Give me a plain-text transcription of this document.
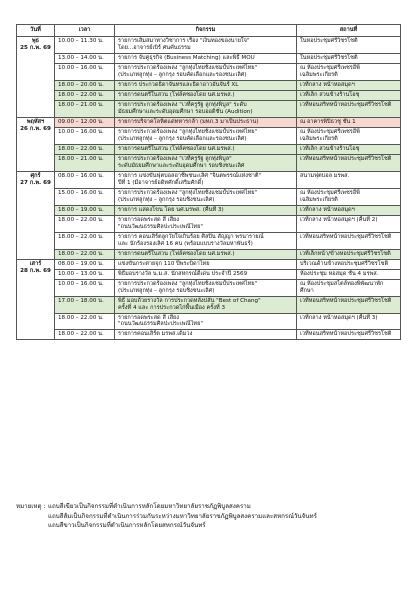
วันที่	เวลา	กิจกรรม	สถานที่
พุธ
25 ก.พ. 69	10.00 – 11.30 น.	รายการเสิมสมาทางวิชาการ เรื่อง "เงินทองของนายใจ"
โดย...อาจารย์เบิร์ ศนคันธรรม	ในหอประชุมศรีวิชรโชติ
	13.00 – 14.00 น.	รายการ จับคู่ธุรกิจ (Business Matching) และพิธี MOU	ในหอประชุมศรีวิชรโชติ
	10.00 – 16.00 น.	รายการประกวดร้องเพลง "ลูกทุ่งไทยชิงแชมป์ประเทศไทย"
(ประเภทลูกทุ่ง – ลูกกรุง รอบคัดเลือกและรองชนะเลิศ)	ณ ห้องประชุมศรีเพชรอีพีเฉลิมพระเกียรติ
	18.00 – 20.00 น.	รายการ ประกวดธิดาจันทรและธิดาอาวอันจันร์ XL	เวทีกลาง หน้าหอสมุดฯ
	18.00 – 22.00 น.	รายการดนตรีในสวน (โฟล์คซองโดย นศ.มรพส.)	เวทีเล็ก สวนข้างร้านโอชุ
	18.00 – 21.00 น.	รายการประกวดร้องเพลง "เวทีครูรัฐ ลูกทุ่งพิบูล" ระดับ
มัธยมศึกษาและระดับอุดมศึกษา รอบออดิชั่น (Audition)	เวทีหอนสริทหน้าหอประชุมศรีวิชรโชติ
พฤหัสฯ
26 ก.พ. 69	09.00 – 12.00 น.	รายการบริจาคโลหิตแด่ทหารกล้า (มทภ.3 มาเป็นประธาน)	ณ อาคารพิปิธวชู ชั้น 1
	10.00 – 16.00 น.	รายการประกวดร้องเพลง "ลูกทุ่งไทยชิงแชมป์ประเทศไทย"
(ประเภทลูกทุ่ง – ลูกกรุง รอบคัดเลือกและรองชนะเลิศ)	ณ ห้องประชุมศรีเพชรอีพีเฉลิมพระเกียรติ
	18.00 – 22.00 น.	รายการดนตรีในสวน (โฟล์คซองโดย นศ.มรพส.)	เวทีเล็ก สวนข้างร้านโอชุ
	18.00 – 21.00 น.	รายการประกวดร้องเพลง "เวทีครูรัฐ ลูกทุ่งพิบูล"
ระดับมัธยมศึกษาและระดับอุดมศึกษา รอบชิงชนะเลิศ	เวทีหอนสริทหน้าหอประชุมศรีวิชรโชติ
ศุกร์
27 ก.พ. 69	08.00 – 16.00 น.	รายการ แข่งขันฟุตบอลอาชีพชนะเลิศ "จินตพรรณ์แห่งชาติ"
ปีที่ 1 (มีอาจารย์อดิทศักดิ์เสริมศักดิ์)	สนามฟุตบอล มรพส.
	15.00 – 16.00 น.	รายการประกวดร้องเพลง "ลูกทุ่งไทยชิงแชมป์ประเทศไทย"
(ประเภทลูกทุ่ง – ลูกกรุง รอบชิงชนะเลิศ)	ณ ห้องประชุมศรีเพชรอีพีเฉลิมพระเกียรติ
	18.00 – 19.00 น.	รายการ แสดงโขน โดย นศ.มรพส. (คืนที่ 3)	เวทีกลาง หน้าหอสมุดฯ
	18.00 – 22.00 น.	รายการอดพระสด สี เสียง
"ถนนวัฒนธรรมศิลปะประเพณีไทย"	เวทีกลาง หน้าหอสมุดฯ (คืนที่ 2)
	18.00 – 22.00 น.	รายการ คอนเสิร์ตลูกวัยใจเกินร้อย ศิลปิน สัญญา พรนารายณ์
และ นักร้องรองเลิศ 16 คน (พร้อมแบบรางวัลมหาพันธร์)	เวทีหอนสริทหน้าหอประชุมศรีวิชรโชติ
	18.00 – 22.00 น.	รายการดนตรีในสวน (โฟล์คซองโดย นศ.มรพส.)	เวทีเล็กหน้า/ข้างหอประชุมศรีวิชรโชติ
เสาร์
28 ก.พ. 69	08.00 – 19.00 น.	แข่งขันกระต่ายจุก 110 ปีพระบิดาไทย	บริเวณด้านข้างหอประชุมศรีวิชรโชติ
	10.00 – 13.00 น.	พิธีมอบรางวัล น.ม.ส. นักสหกรณ์ดีเด่น ประจำปี 2569	ห้องประชุม หอสมุด ชั้น 4 มรพส.
	10.00 – 16.00 น.	รายการประกวดร้องเพลง "ลูกทุ่งไทยชิงแชมป์ประเทศไทย"
(ประเภทลูกทุ่ง – ลูกกรุง รอบชิงชนะเลิศ)	ณ ห้องประชุมสไตล์ทองพิพัฒนาพักศึกษา
	17.00 – 18.00 น.	พิธี มอบถ้วยรางวัล การประกวดหลังปลัน "Best of Chang"
ครั้งที่ 4 และ การประกวดไก่พื้นเมือง ครั้งที่ 3	เวทีหอนสริทหน้าหอประชุมศรีวิชรโชติ
	18.00 – 22.00 น.	รายการอดพระสด สี เสียง
"ถนนวัฒนธรรมศิลปะประเพณีไทย"	เวทีกลาง หน้าหอสมุดฯ (คืนที่ 3)
	18.00 – 22.00 น.	รายการคอนเสิร์ต มรพส.เดิมวง	เวทีหอนสริทหน้าหอประชุมศรีวิชรโชติ
หมายเหตุ : แถบสีเขียวเป็นกิจกรรมที่ดำเนินการหลักโดยมหาวิทยาลัยราชภัฏพิบูลสงคราม
แถบสีส้มเป็นกิจกรรมที่ดำเนินการร่วมกันระหว่างมหาวิทยาลัยราชภัฏพิบูลสงครามและสหกรณ์วันจันทร์
แถบสีขาวเป็นกิจกรรมที่ดำเนินการหลักโดยสหกรณ์วันจันทร์
